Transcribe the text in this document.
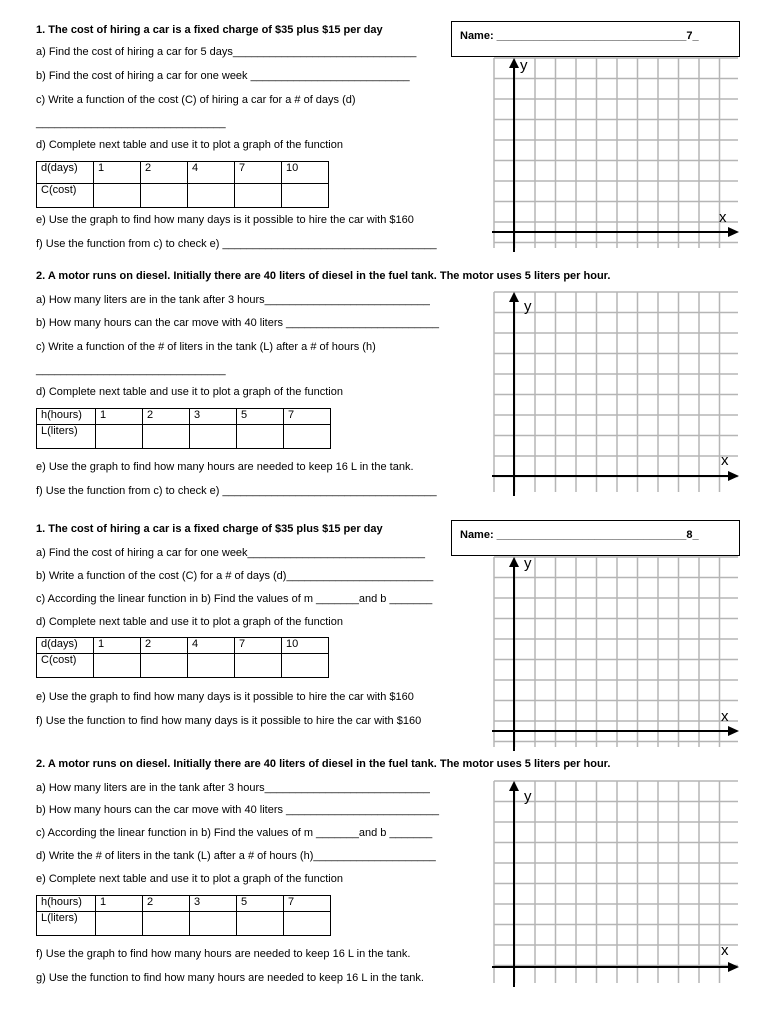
Name: _______________________________7_
1. The cost of hiring a car is a fixed charge of $35 plus $15 per day
a) Find the cost of hiring a car for 5 days______________________________
b) Find the cost of hiring a car for one week __________________________
c) Write a function of the cost (C) of hiring a car for a # of days (d)
_______________________________
d) Complete next table and use it to plot a graph of the function
d(days)	1	2	4	7	10
C(cost)					
e) Use the graph to find how many days is it possible to hire the car with $160
f) Use the function from c) to check e) ___________________________________
2. A motor runs on diesel. Initially there are 40 liters of diesel in the fuel tank. The motor uses 5 liters per hour.
a) How many liters are in the tank after 3 hours___________________________
b) How many hours can the car move with 40 liters _________________________
c) Write a function of the # of liters in the tank (L) after a # of hours (h)
_______________________________
d) Complete next table and use it to plot a graph of the function
h(hours)	1	2	3	5	7
L(liters)					
e) Use the graph to find how many hours are needed to keep 16 L in the tank.
f) Use the function from c) to check e) ___________________________________
Name: _______________________________8_
1. The cost of hiring a car is a fixed charge of $35 plus $15 per day
a) Find the cost of hiring a car for one week_____________________________
b) Write a function of the cost (C) for a # of days (d)________________________
c) According the linear function in b) Find the values of m _______and b _______
d) Complete next table and use it to plot a graph of the function
d(days)	1	2	4	7	10
C(cost)					
e) Use the graph to find how many days is it possible to hire the car with $160
f) Use the function to find how many days is it possible to hire the car with $160
2. A motor runs on diesel. Initially there are 40 liters of diesel in the fuel tank. The motor uses 5 liters per hour.
a) How many liters are in the tank after 3 hours___________________________
b) How many hours can the car move with 40 liters _________________________
c) According the linear function in b) Find the values of m _______and b _______
d) Write the # of liters in the tank (L) after a # of hours (h)____________________
e) Complete next table and use it to plot a graph of the function
h(hours)	1	2	3	5	7
L(liters)					
f) Use the graph to find how many hours are needed to keep 16 L in the tank.
g) Use the function to find how many hours are needed to keep 16 L in the tank.
y
x
y
x
y
x
y
x
